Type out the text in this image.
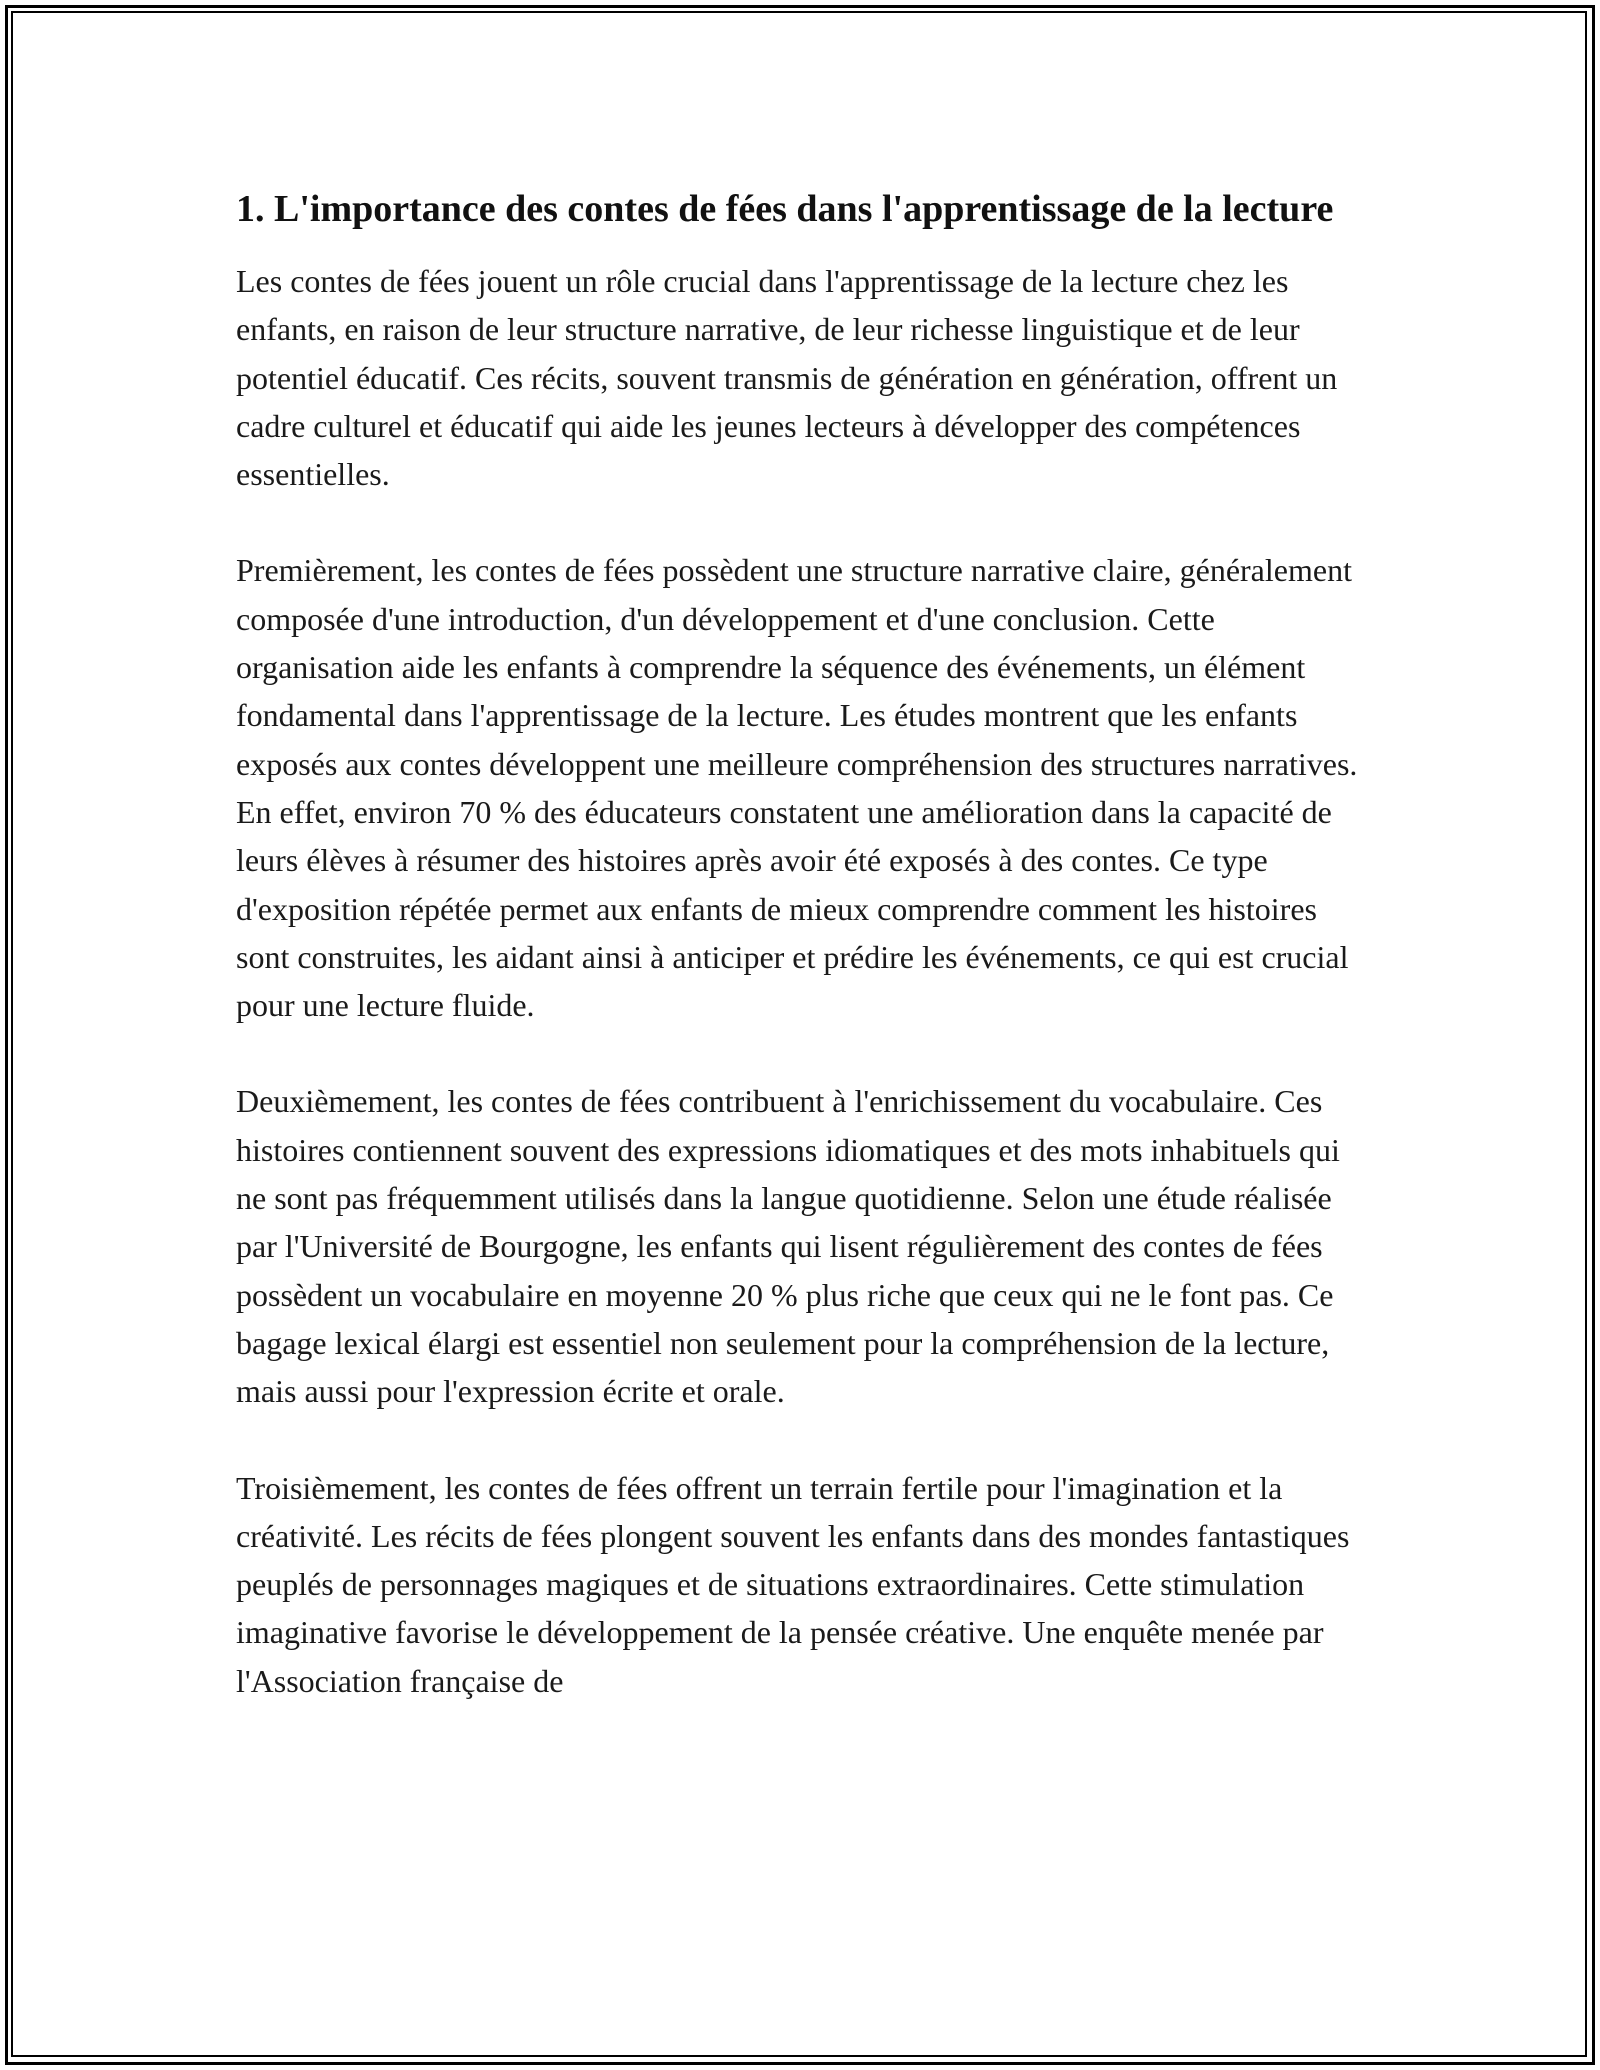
1. L'importance des contes de fées dans l'apprentissage de la lecture

Les contes de fées jouent un rôle crucial dans l'apprentissage de la lecture chez les enfants, en raison de leur structure narrative, de leur richesse linguistique et de leur potentiel éducatif. Ces récits, souvent transmis de génération en génération, offrent un cadre culturel et éducatif qui aide les jeunes lecteurs à développer des compétences essentielles.

Premièrement, les contes de fées possèdent une structure narrative claire, généralement composée d'une introduction, d'un développement et d'une conclusion. Cette organisation aide les enfants à comprendre la séquence des événements, un élément fondamental dans l'apprentissage de la lecture. Les études montrent que les enfants exposés aux contes développent une meilleure compréhension des structures narratives. En effet, environ 70 % des éducateurs constatent une amélioration dans la capacité de leurs élèves à résumer des histoires après avoir été exposés à des contes. Ce type d'exposition répétée permet aux enfants de mieux comprendre comment les histoires sont construites, les aidant ainsi à anticiper et prédire les événements, ce qui est crucial pour une lecture fluide.

Deuxièmement, les contes de fées contribuent à l'enrichissement du vocabulaire. Ces histoires contiennent souvent des expressions idiomatiques et des mots inhabituels qui ne sont pas fréquemment utilisés dans la langue quotidienne. Selon une étude réalisée par l'Université de Bourgogne, les enfants qui lisent régulièrement des contes de fées possèdent un vocabulaire en moyenne 20 % plus riche que ceux qui ne le font pas. Ce bagage lexical élargi est essentiel non seulement pour la compréhension de la lecture, mais aussi pour l'expression écrite et orale.

Troisièmement, les contes de fées offrent un terrain fertile pour l'imagination et la créativité. Les récits de fées plongent souvent les enfants dans des mondes fantastiques peuplés de personnages magiques et de situations extraordinaires. Cette stimulation imaginative favorise le développement de la pensée créative. Une enquête menée par l'Association française de
